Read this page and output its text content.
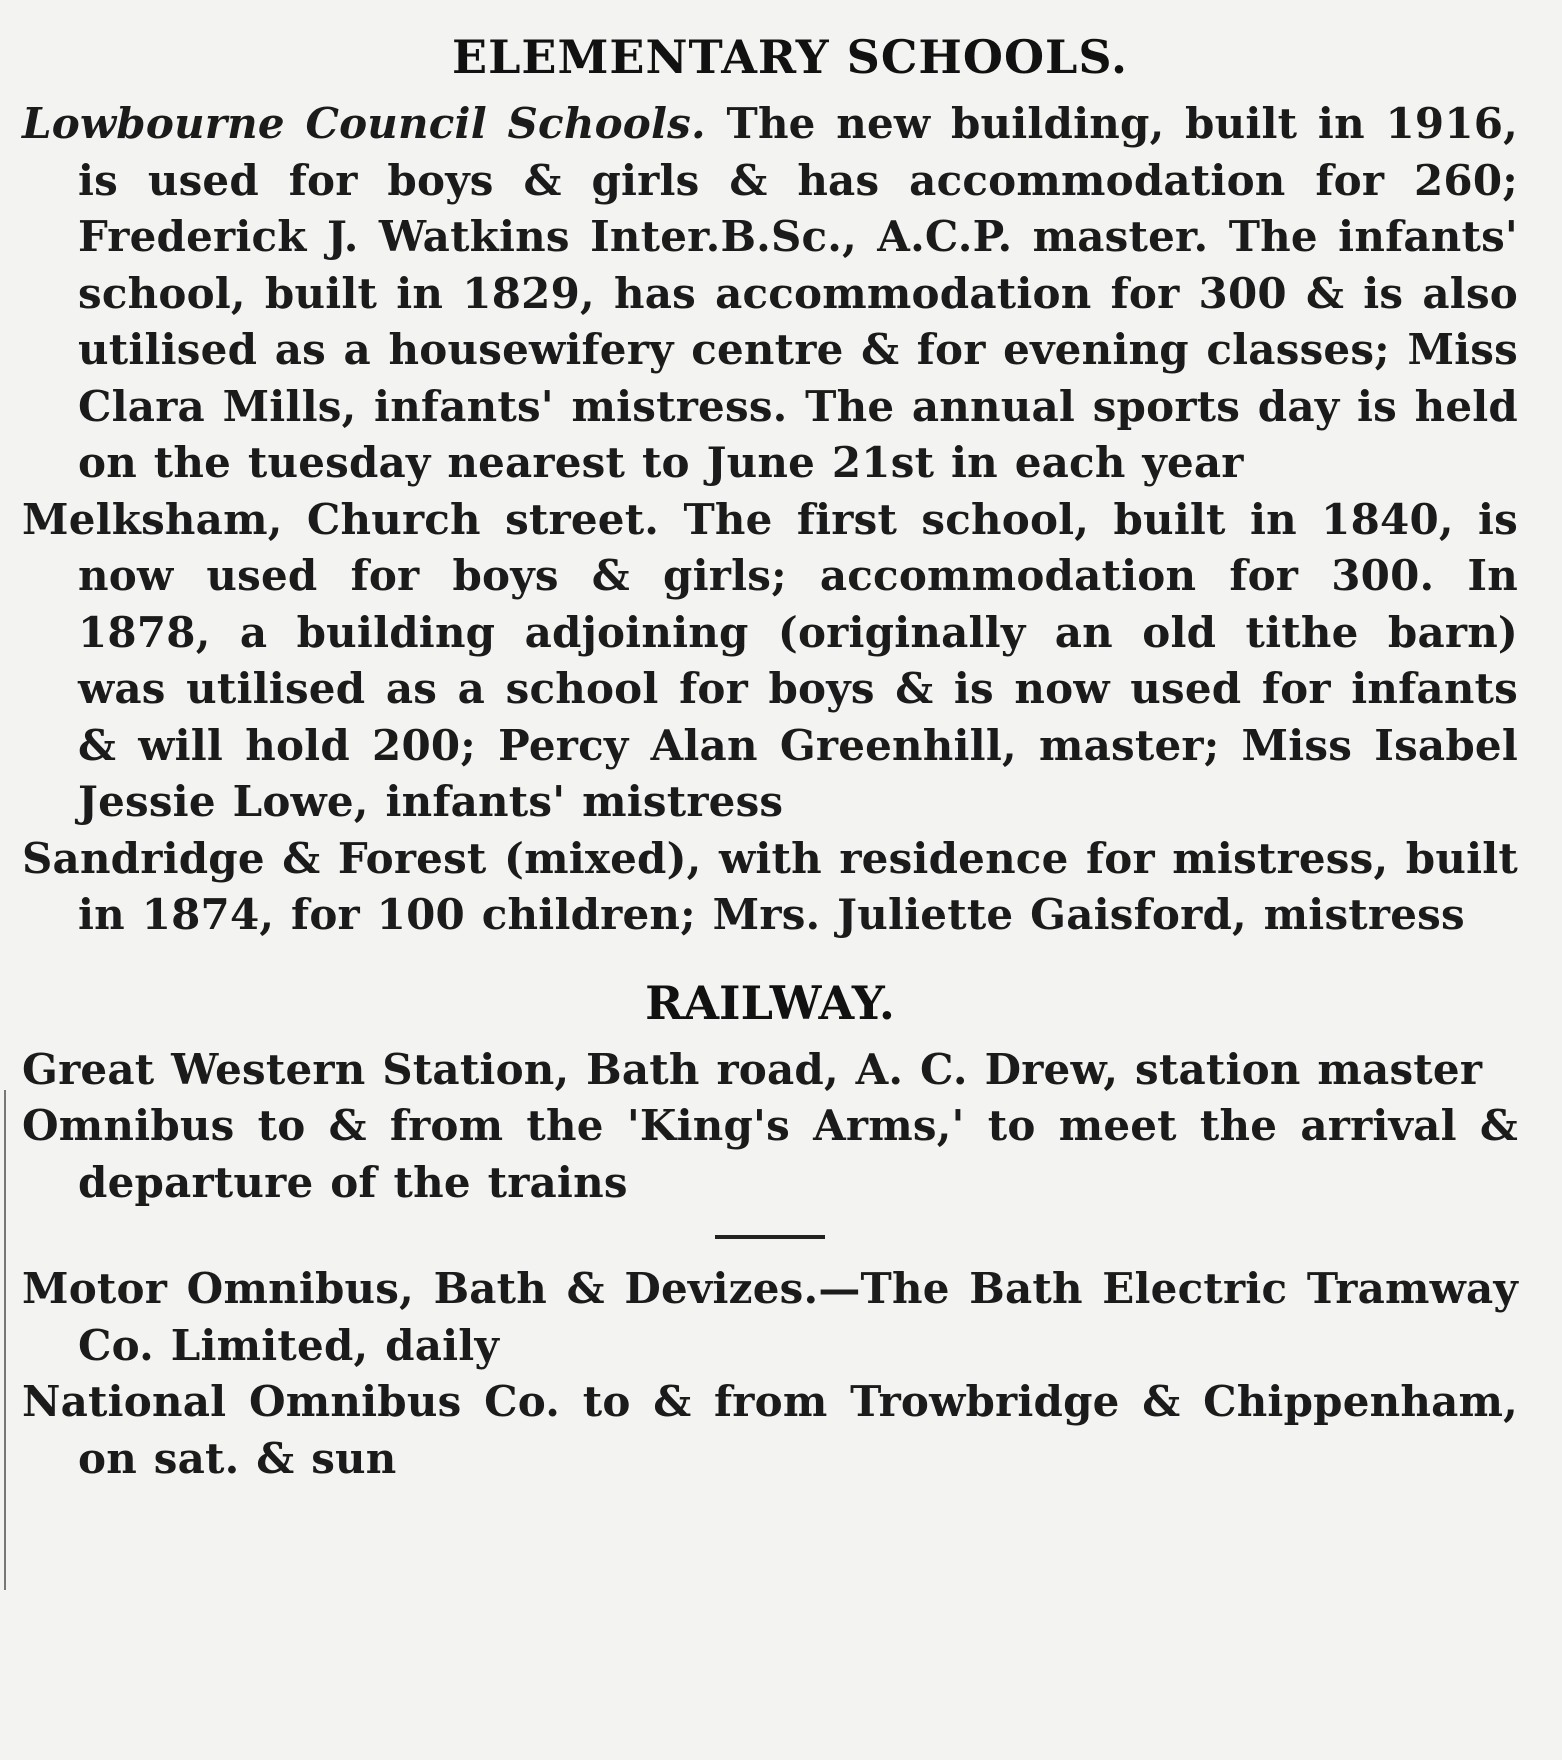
ELEMENTARY SCHOOLS.

Lowbourne Council Schools. The new building, built in 1916, is used for boys & girls & has accommodation for 260; Frederick J. Watkins Inter.B.Sc., A.C.P. master. The infants' school, built in 1829, has accommodation for 300 & is also utilised as a housewifery centre & for evening classes; Miss Clara Mills, infants' mistress. The annual sports day is held on the tuesday nearest to June 21st in each year

Melksham, Church street. The first school, built in 1840, is now used for boys & girls; accommodation for 300. In 1878, a building adjoining (originally an old tithe barn) was utilised as a school for boys & is now used for infants & will hold 200; Percy Alan Greenhill, master; Miss Isabel Jessie Lowe, infants' mistress

Sandridge & Forest (mixed), with residence for mistress, built in 1874, for 100 children; Mrs. Juliette Gaisford, mistress

RAILWAY.

Great Western Station, Bath road, A. C. Drew, station master

Omnibus to & from the 'King's Arms,' to meet the arrival & departure of the trains

Motor Omnibus, Bath & Devizes.—The Bath Electric Tramway Co. Limited, daily

National Omnibus Co. to & from Trowbridge & Chippenham, on sat. & sun
